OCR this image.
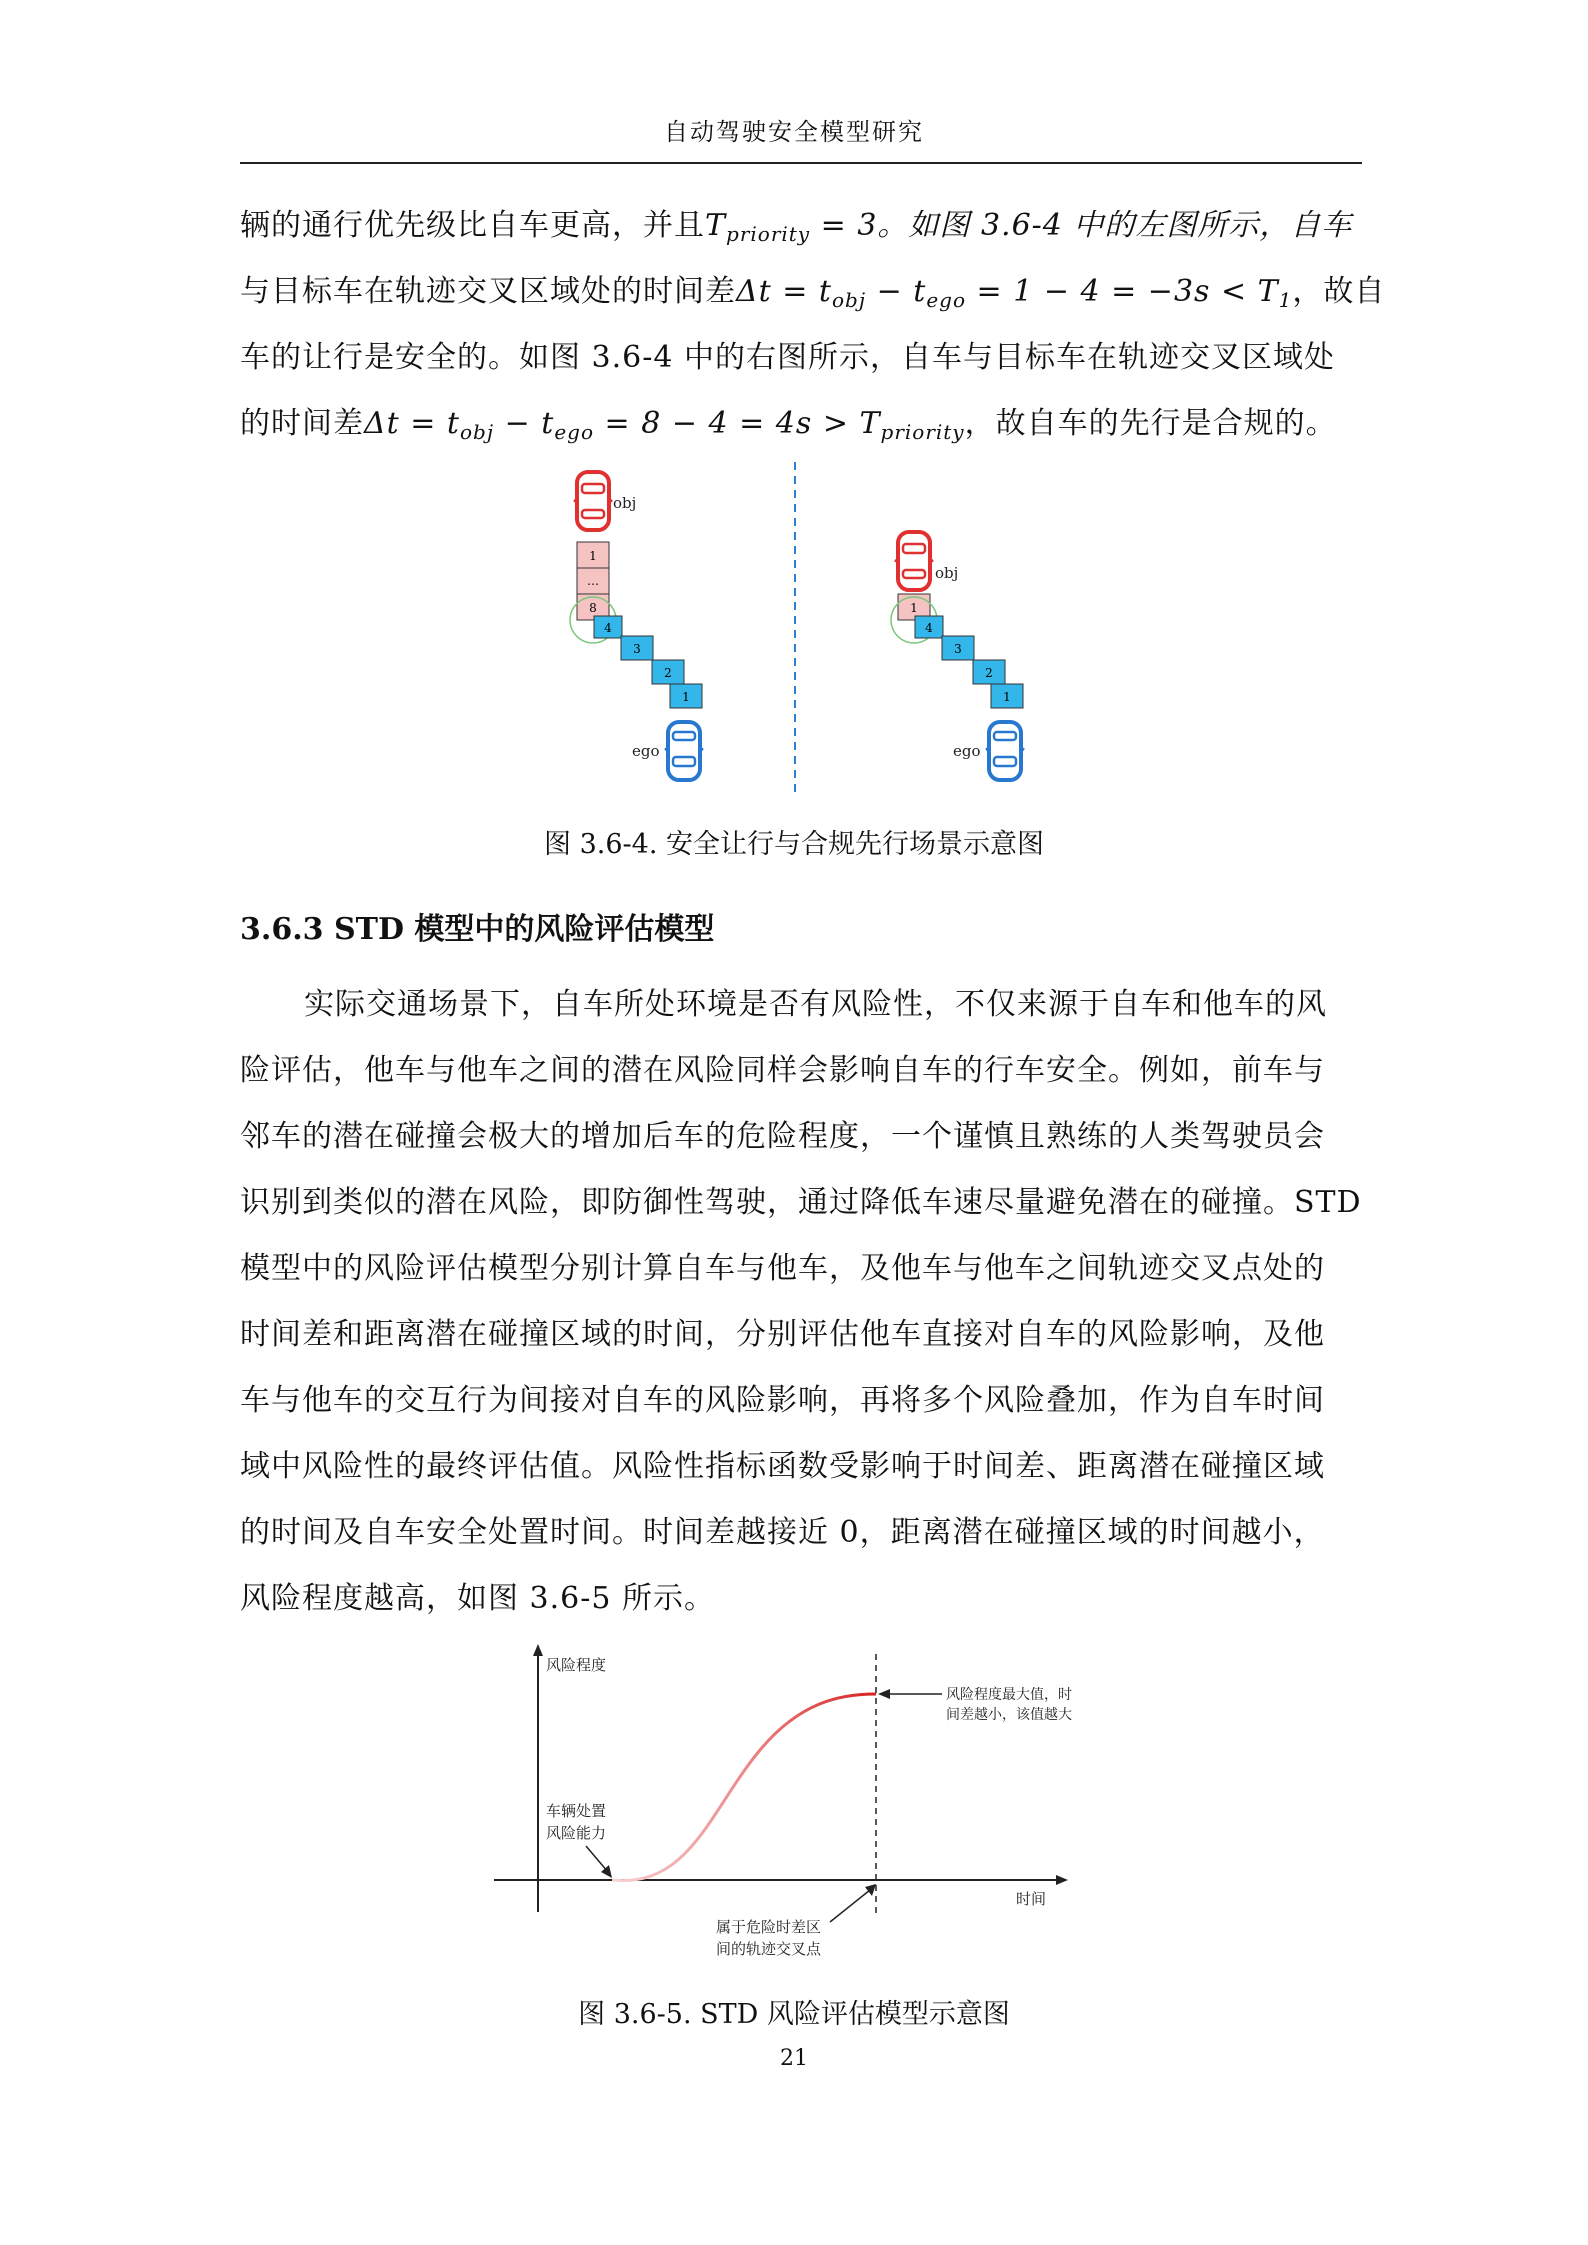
自动驾驶安全模型研究
辆的通行优先级比自车更高，并且$T_{priority} = 3$。如图 3.6-4 中的左图所示，自车
与目标车在轨迹交叉区域处的时间差$\Delta t = t_{obj} - t_{ego} = 1 - 4 = -3s < T_1$，故自
车的让行是安全的。如图 3.6-4 中的右图所示，自车与目标车在轨迹交叉区域处
的时间差$\Delta t = t_{obj} - t_{ego} = 8 - 4 = 4s > T_{priority}$，故自车的先行是合规的。
obj
1
…
8
4
3
2
1
ego
obj
1
4
3
2
1
ego
图 3.6-4. 安全让行与合规先行场景示意图
3.6.3 STD 模型中的风险评估模型
实际交通场景下，自车所处环境是否有风险性，不仅来源于自车和他车的风
险评估，他车与他车之间的潜在风险同样会影响自车的行车安全。例如，前车与
邻车的潜在碰撞会极大的增加后车的危险程度，一个谨慎且熟练的人类驾驶员会
识别到类似的潜在风险，即防御性驾驶，通过降低车速尽量避免潜在的碰撞。STD
模型中的风险评估模型分别计算自车与他车，及他车与他车之间轨迹交叉点处的
时间差和距离潜在碰撞区域的时间，分别评估他车直接对自车的风险影响，及他
车与他车的交互行为间接对自车的风险影响，再将多个风险叠加，作为自车时间
域中风险性的最终评估值。风险性指标函数受影响于时间差、距离潜在碰撞区域
的时间及自车安全处置时间。时间差越接近 0，距离潜在碰撞区域的时间越小，
风险程度越高，如图 3.6-5 所示。
风险程度
时间
风险程度最大值，时
间差越小，该值越大
车辆处置
风险能力
属于危险时差区
间的轨迹交叉点
图 3.6-5. STD 风险评估模型示意图
21
